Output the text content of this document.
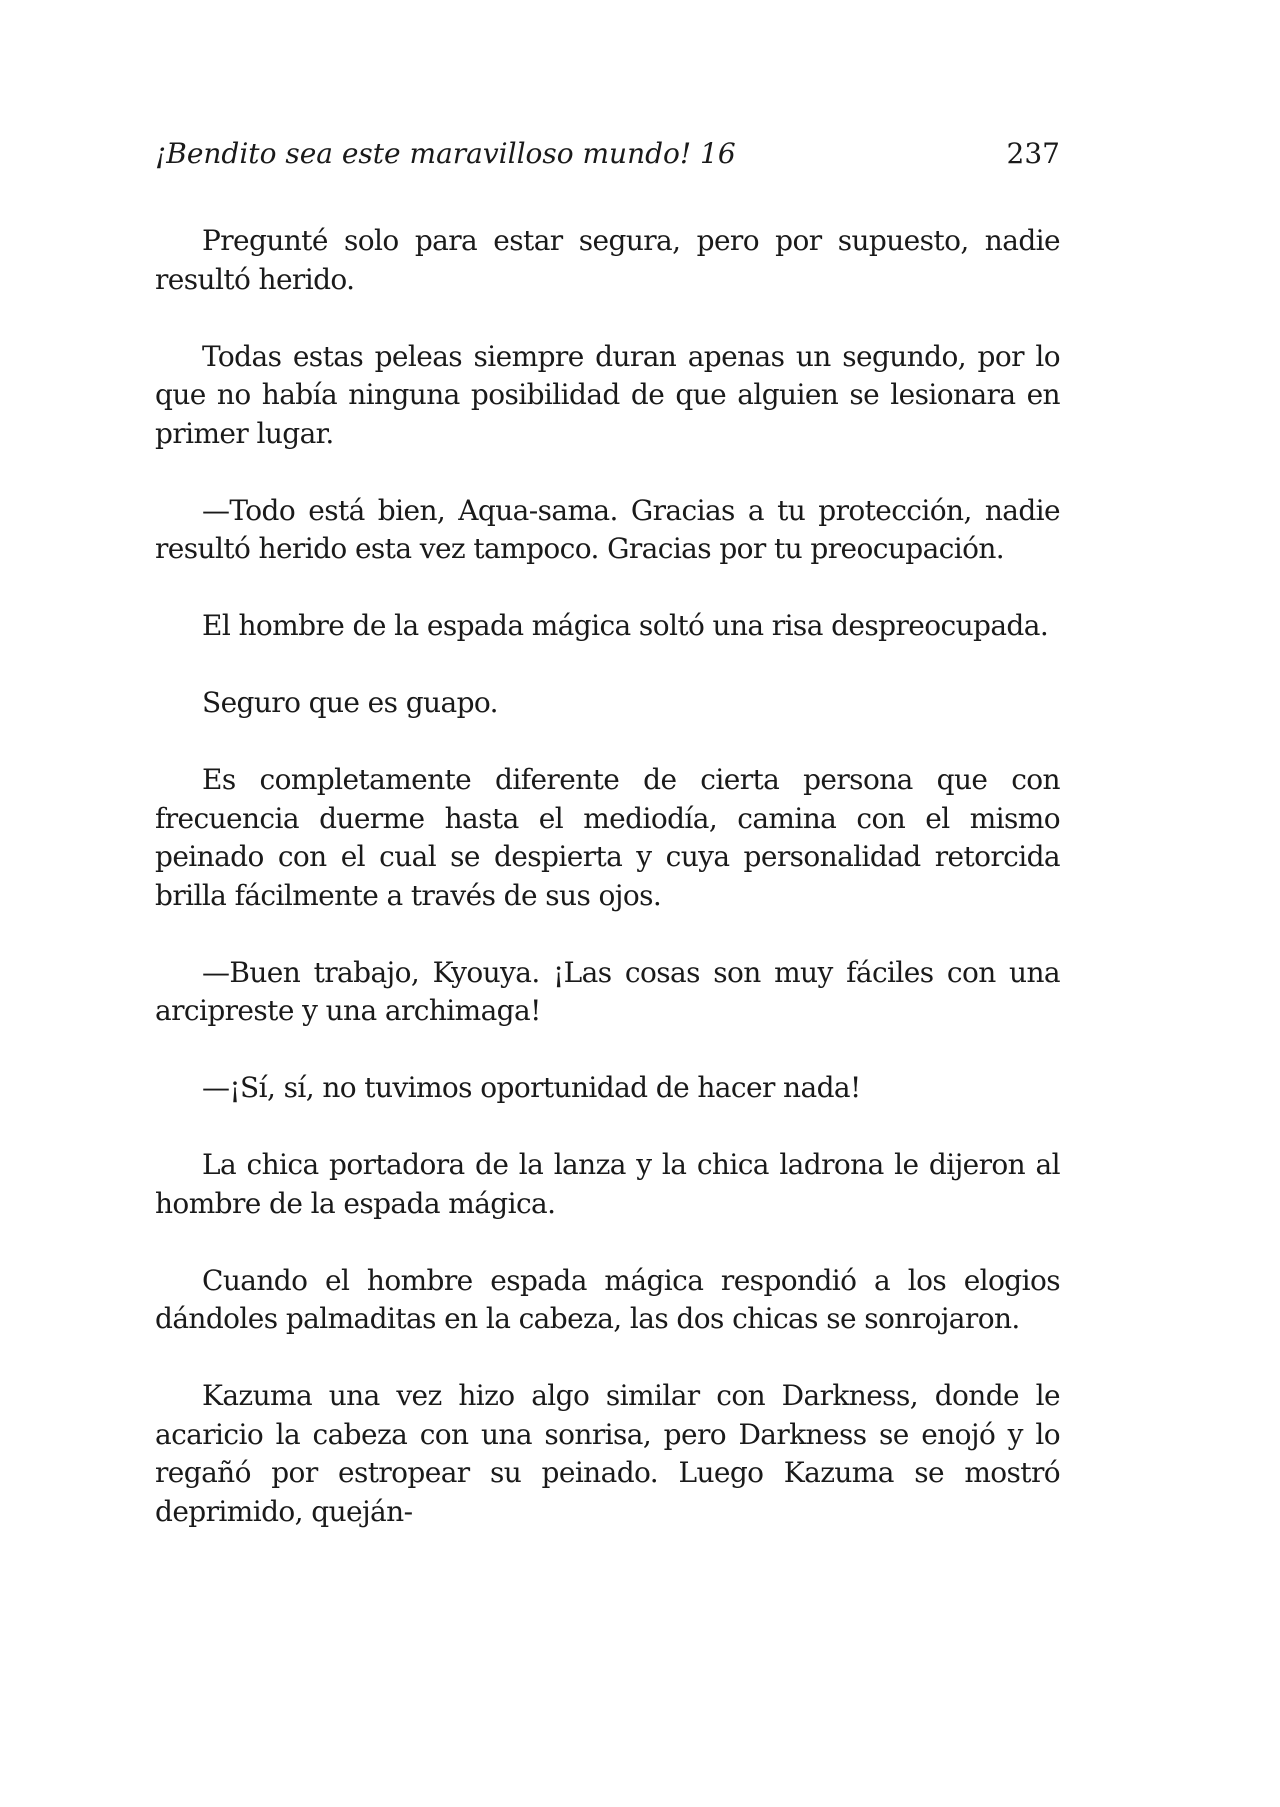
¡Bendito sea este maravilloso mundo! 16	237

Pregunté solo para estar segura, pero por supuesto, nadie resultó herido.

Todas estas peleas siempre duran apenas un segundo, por lo que no había ninguna posibilidad de que alguien se lesionara en primer lugar.

—Todo está bien, Aqua-sama. Gracias a tu protección, nadie resultó herido esta vez tampoco. Gracias por tu preocupación.

El hombre de la espada mágica soltó una risa despreocupada.

Seguro que es guapo.

Es completamente diferente de cierta persona que con frecuencia duerme hasta el mediodía, camina con el mismo peinado con el cual se despierta y cuya personalidad retorcida brilla fácilmente a través de sus ojos.

—Buen trabajo, Kyouya. ¡Las cosas son muy fáciles con una arcipreste y una archimaga!

—¡Sí, sí, no tuvimos oportunidad de hacer nada!

La chica portadora de la lanza y la chica ladrona le dijeron al hombre de la espada mágica.

Cuando el hombre espada mágica respondió a los elogios dándoles palmaditas en la cabeza, las dos chicas se sonrojaron.

Kazuma una vez hizo algo similar con Darkness, donde le acaricio la cabeza con una sonrisa, pero Darkness se enojó y lo regañó por estropear su peinado. Luego Kazuma se mostró deprimido, queján-
